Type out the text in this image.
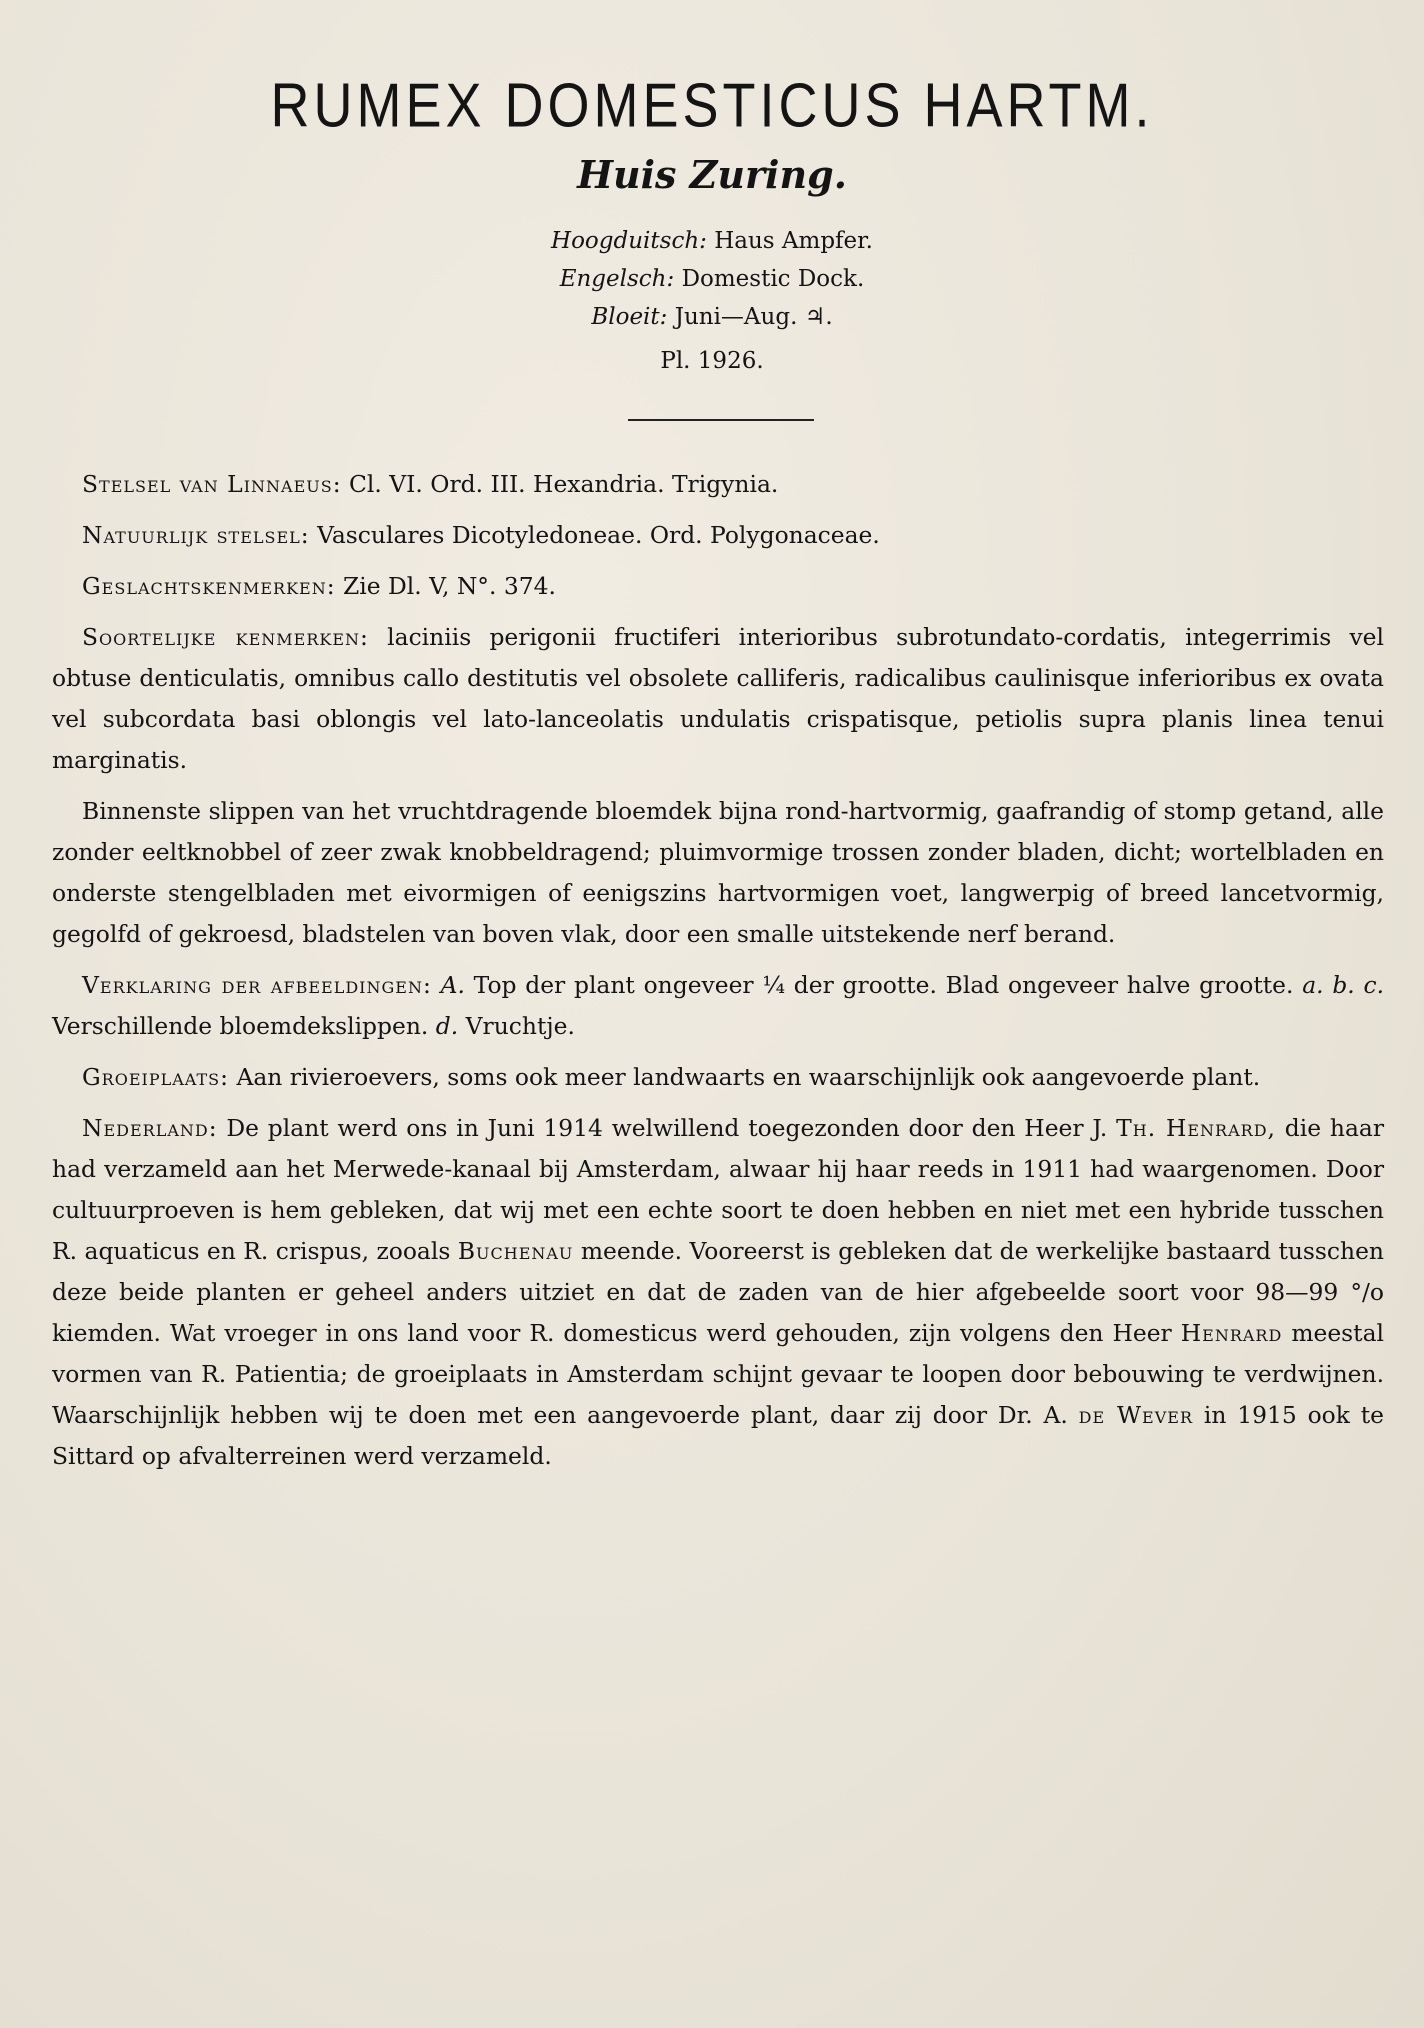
RUMEX DOMESTICUS HARTM.
Huis Zuring.
Hoogduitsch: Haus Ampfer.
Engelsch: Domestic Dock.
Bloeit: Juni—Aug. ♃.
Pl. 1926.

Stelsel van Linnaeus: Cl. VI. Ord. III. Hexandria. Trigynia.

Natuurlijk stelsel: Vasculares Dicotyledoneae. Ord. Polygonaceae.

Geslachtskenmerken: Zie Dl. V, N°. 374.

Soortelijke kenmerken: laciniis perigonii fructiferi interioribus subrotundato-cordatis, integerrimis vel obtuse denticulatis, omnibus callo destitutis vel obsolete calliferis, radicalibus caulinisque inferioribus ex ovata vel subcordata basi oblongis vel lato-lanceolatis undulatis crispatisque, petiolis supra planis linea tenui marginatis.

Binnenste slippen van het vruchtdragende bloemdek bijna rond-hartvormig, gaafrandig of stomp getand, alle zonder eeltknobbel of zeer zwak knobbeldragend; pluimvormige trossen zonder bladen, dicht; wortelbladen en onderste stengelbladen met eivormigen of eenigszins hartvormigen voet, langwerpig of breed lancetvormig, gegolfd of gekroesd, bladstelen van boven vlak, door een smalle uitstekende nerf berand.

Verklaring der afbeeldingen: A. Top der plant ongeveer ¼ der grootte. Blad ongeveer halve grootte. a. b. c. Verschillende bloemdekslippen. d. Vruchtje.

Groeiplaats: Aan rivieroevers, soms ook meer landwaarts en waarschijnlijk ook aangevoerde plant.

Nederland: De plant werd ons in Juni 1914 welwillend toegezonden door den Heer J. Th. Henrard, die haar had verzameld aan het Merwede-kanaal bij Amsterdam, alwaar hij haar reeds in 1911 had waargenomen. Door cultuurproeven is hem gebleken, dat wij met een echte soort te doen hebben en niet met een hybride tusschen R. aquaticus en R. crispus, zooals Buchenau meende. Vooreerst is gebleken dat de werkelijke bastaard tusschen deze beide planten er geheel anders uitziet en dat de zaden van de hier afgebeelde soort voor 98—99 °/o kiemden. Wat vroeger in ons land voor R. domesticus werd gehouden, zijn volgens den Heer Henrard meestal vormen van R. Patientia; de groeiplaats in Amsterdam schijnt gevaar te loopen door bebouwing te verdwijnen. Waarschijnlijk hebben wij te doen met een aangevoerde plant, daar zij door Dr. A. de Wever in 1915 ook te Sittard op afvalterreinen werd verzameld.
